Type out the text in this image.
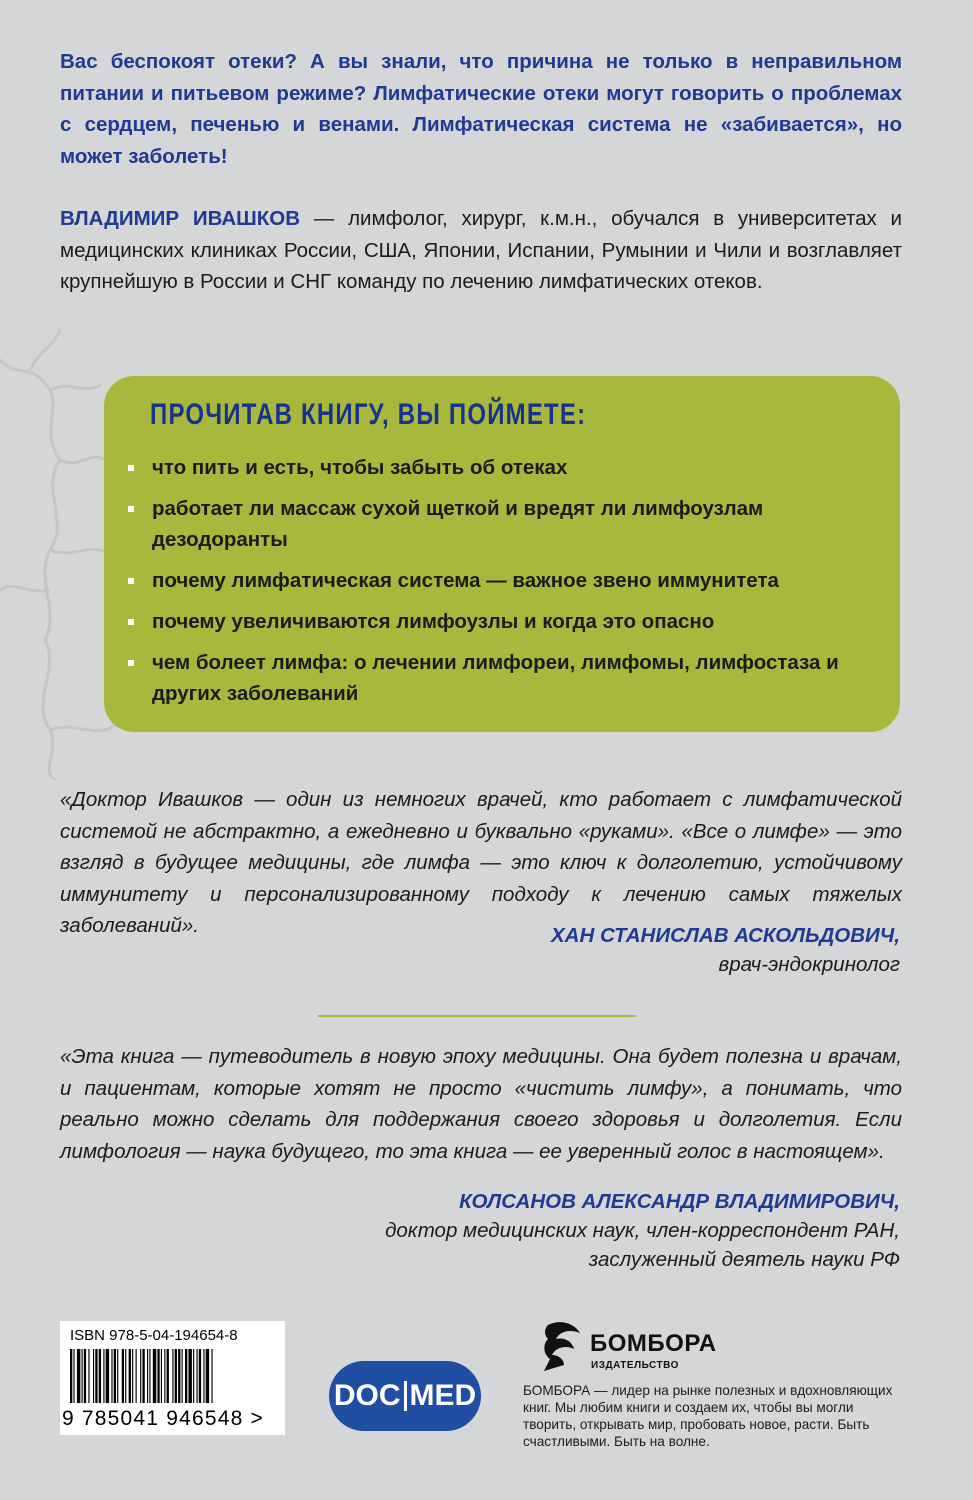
Вас беспокоят отеки? А вы знали, что причина не только в неправильном питании и питьевом режиме? Лимфатические отеки могут говорить о проблемах с сердцем, печенью и венами. Лимфатическая система не «забивается», но может заболеть!

ВЛАДИМИР ИВАШКОВ — лимфолог, хирург, к.м.н., обучался в университетах и медицинских клиниках России, США, Японии, Испании, Румынии и Чили и возглавляет крупнейшую в России и СНГ команду по лечению лимфатических отеков.

ПРОЧИТАВ КНИГУ, ВЫ ПОЙМЕТЕ:
что пить и есть, чтобы забыть об отеках
работает ли массаж сухой щеткой и вредят ли лимфоузлам дезодоранты
почему лимфатическая система — важное звено иммунитета
почему увеличиваются лимфоузлы и когда это опасно
чем болеет лимфа: о лечении лимфореи, лимфомы, лимфостаза и других заболеваний

«Доктор Ивашков — один из немногих врачей, кто работает с лимфатической системой не абстрактно, а ежедневно и буквально «руками». «Все о лимфе» — это взгляд в будущее медицины, где лимфа — это ключ к долголетию, устойчивому иммунитету и персонализированному подходу к лечению самых тяжелых заболеваний».	ХАН СТАНИСЛАВ АСКОЛЬДОВИЧ,
врач-эндокринолог

«Эта книга — путеводитель в новую эпоху медицины. Она будет полезна и врачам, и пациентам, которые хотят не просто «чистить лимфу», а понимать, что реально можно сделать для поддержания своего здоровья и долголетия. Если лимфология — наука будущего, то эта книга — ее уверенный голос в настоящем».

КОЛСАНОВ АЛЕКСАНДР ВЛАДИМИРОВИЧ,
доктор медицинских наук, член-корреспондент РАН,
заслуженный деятель науки РФ
ISBN 978-5-04-194654-8
9 785041 946548 >
DOC MED
БОМБОРА
ИЗДАТЕЛЬСТВО
БОМБОРА — лидер на рынке полезных и вдохновляющих книг. Мы любим книги и создаем их, чтобы вы могли творить, открывать мир, пробовать новое, расти. Быть счастливыми. Быть на волне.
